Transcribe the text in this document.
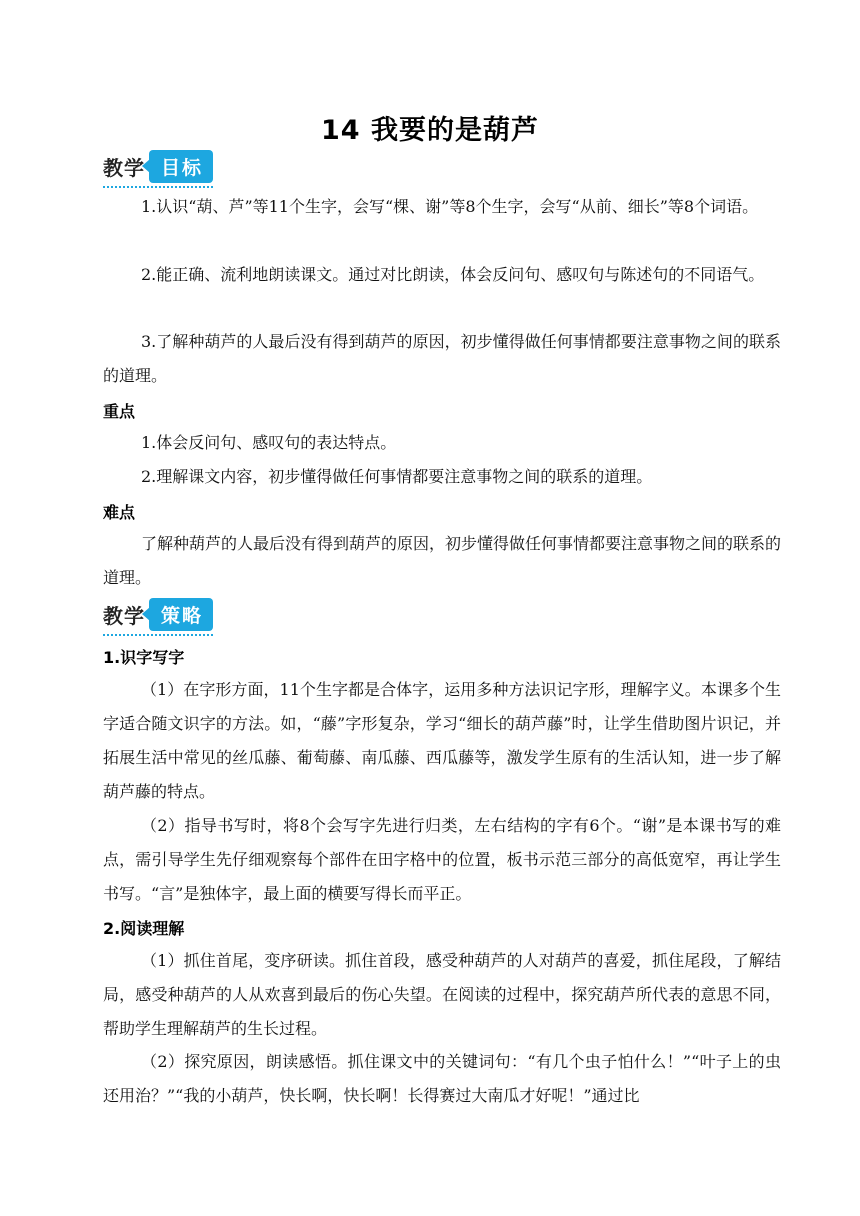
14 我要的是葫芦
教学 目标

1.认识“葫、芦”等11个生字，会写“棵、谢”等8个生字，会写“从前、细长”等8个词语。

2.能正确、流利地朗读课文。通过对比朗读，体会反问句、感叹句与陈述句的不同语气。

3.了解种葫芦的人最后没有得到葫芦的原因，初步懂得做任何事情都要注意事物之间的联系的道理。

重点

1.体会反问句、感叹句的表达特点。

2.理解课文内容，初步懂得做任何事情都要注意事物之间的联系的道理。

难点

了解种葫芦的人最后没有得到葫芦的原因，初步懂得做任何事情都要注意事物之间的联系的道理。

教学 策略
1.识字写字

（1）在字形方面，11个生字都是合体字，运用多种方法识记字形，理解字义。本课多个生字适合随文识字的方法。如，“藤”字形复杂，学习“细长的葫芦藤”时，让学生借助图片识记，并拓展生活中常见的丝瓜藤、葡萄藤、南瓜藤、西瓜藤等，激发学生原有的生活认知，进一步了解葫芦藤的特点。

（2）指导书写时，将8个会写字先进行归类，左右结构的字有6个。“谢”是本课书写的难点，需引导学生先仔细观察每个部件在田字格中的位置，板书示范三部分的高低宽窄，再让学生书写。“言”是独体字，最上面的横要写得长而平正。

2.阅读理解

（1）抓住首尾，变序研读。抓住首段，感受种葫芦的人对葫芦的喜爱，抓住尾段，了解结局，感受种葫芦的人从欢喜到最后的伤心失望。在阅读的过程中，探究葫芦所代表的意思不同，帮助学生理解葫芦的生长过程。

（2）探究原因，朗读感悟。抓住课文中的关键词句：“有几个虫子怕什么！”“叶子上的虫还用治？”“我的小葫芦，快长啊，快长啊！长得赛过大南瓜才好呢！”通过比
